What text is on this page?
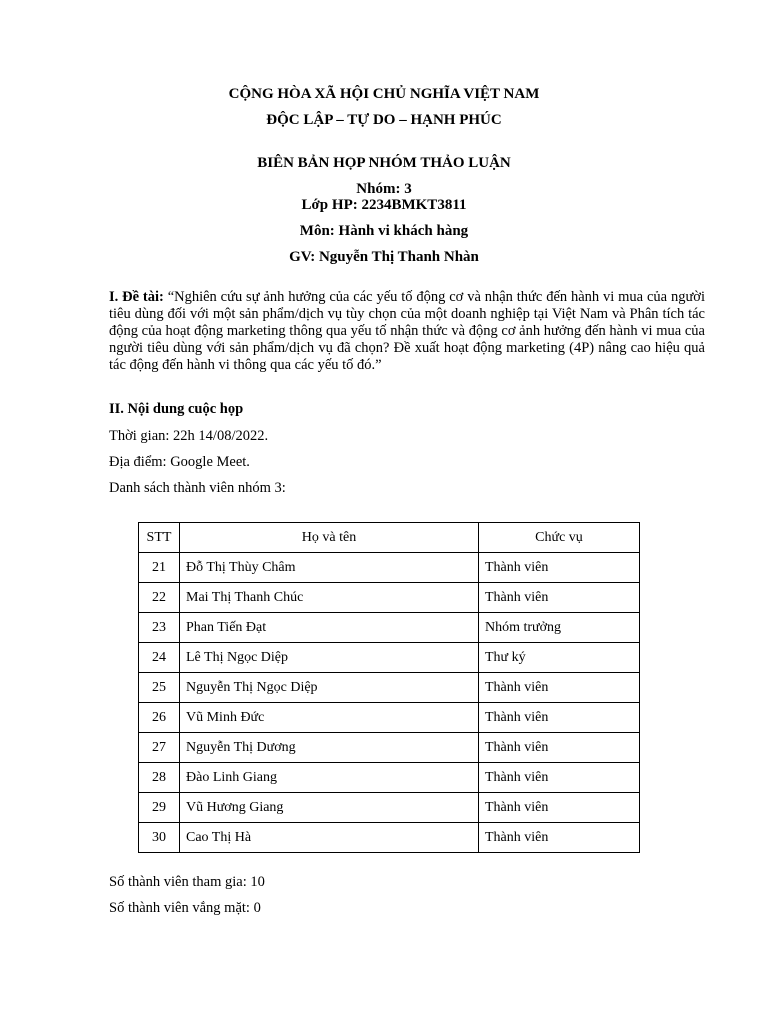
CỘNG HÒA XÃ HỘI CHỦ NGHĨA VIỆT NAM
ĐỘC LẬP – TỰ DO – HẠNH PHÚC
BIÊN BẢN HỌP NHÓM THẢO LUẬN
Nhóm: 3
Lớp HP: 2234BMKT3811
Môn: Hành vi khách hàng
GV: Nguyễn Thị Thanh Nhàn
I. Đề tài: “Nghiên cứu sự ảnh hưởng của các yếu tố động cơ và nhận thức đến hành vi mua của người tiêu dùng đối với một sản phẩm/dịch vụ tùy chọn của một doanh nghiệp tại Việt Nam và Phân tích tác động của hoạt động marketing thông qua yếu tố nhận thức và động cơ ảnh hưởng đến hành vi mua của người tiêu dùng với sản phẩm/dịch vụ đã chọn? Đề xuất hoạt động marketing (4P) nâng cao hiệu quả tác động đến hành vi thông qua các yếu tố đó.”
II. Nội dung cuộc họp
Thời gian: 22h 14/08/2022.
Địa điểm: Google Meet.
Danh sách thành viên nhóm 3:
STT	Họ và tên	Chức vụ
21	Đỗ Thị Thùy Châm	Thành viên
22	Mai Thị Thanh Chúc	Thành viên
23	Phan Tiến Đạt	Nhóm trưởng
24	Lê Thị Ngọc Diệp	Thư ký
25	Nguyễn Thị Ngọc Diệp	Thành viên
26	Vũ Minh Đức	Thành viên
27	Nguyễn Thị Dương	Thành viên
28	Đào Linh Giang	Thành viên
29	Vũ Hương Giang	Thành viên
30	Cao Thị Hà	Thành viên
Số thành viên tham gia: 10
Số thành viên vắng mặt: 0
